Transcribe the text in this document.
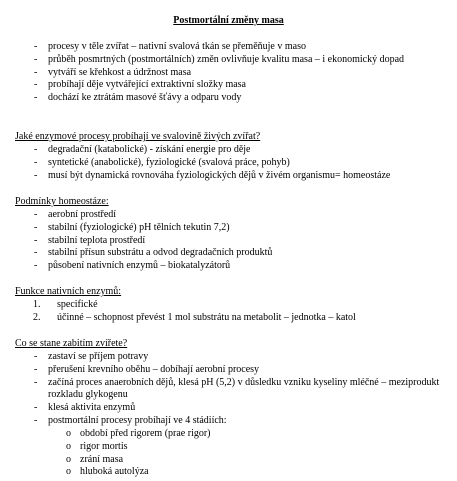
Postmortální změny masa
- procesy v těle zvířat – nativní svalová tkán se přeměňuje v maso
- průběh posmrtných (postmortálních) změn ovlivňuje kvalitu masa – i ekonomický dopad
- vytváří se křehkost a údržnost masa
- probíhají děje vytvářející extraktivní složky masa
- dochází ke ztrátám masové šťávy a odparu vody
Jaké enzymové procesy probíhají ve svalovině živých zvířat?
- degradační (katabolické) - získání energie pro děje
- syntetické (anabolické), fyziologické (svalová práce, pohyb)
- musí být dynamická rovnováha fyziologických dějů v živém organismu= homeostáze
Podmínky homeostáze:
- aerobní prostředí
- stabilní (fyziologické) pH tělních tekutin 7,2)
- stabilní teplota prostředí
- stabilní přísun substrátu a odvod degradačních produktů
- působení nativních enzymů – biokatalyzátorů
Funkce nativních enzymů:
1. specifické
2. účinné – schopnost převést 1 mol substrátu na metabolit – jednotka – katol
Co se stane zabitím zvířete?
- zastaví se příjem potravy
- přerušení krevního oběhu – dobíhají aerobní procesy
- začíná proces anaerobních dějů, klesá pH (5,2) v důsledku vzniku kyseliny mléčné – meziprodukt rozkladu glykogenu
- klesá aktivita enzymů
- postmortální procesy probíhají ve 4 stádiích:
o období před rigorem (prae rigor)
o rigor mortis
o zrání masa
o hluboká autolýza
